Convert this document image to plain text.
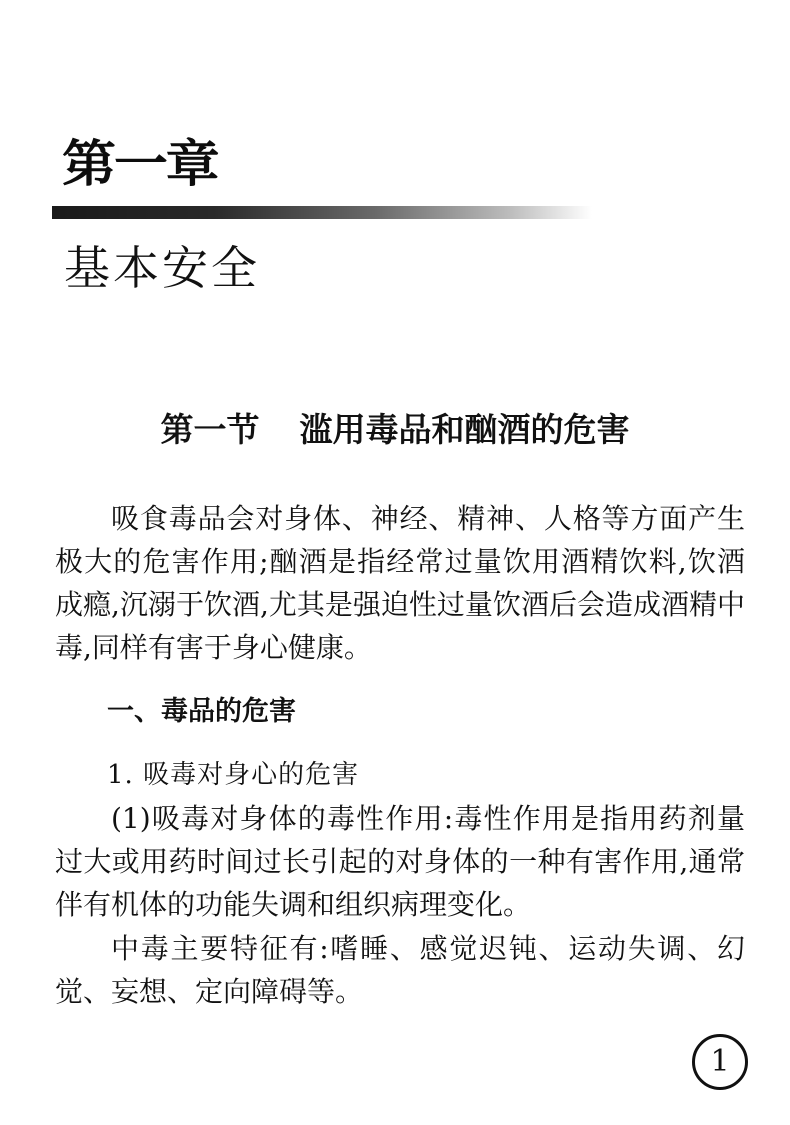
第一章
基本安全
第一节 滥用毒品和酗酒的危害

吸食毒品会对身体、神经、精神、人格等方面产生极大的危害作用;酗酒是指经常过量饮用酒精饮料,饮酒成瘾,沉溺于饮酒,尤其是强迫性过量饮酒后会造成酒精中毒,同样有害于身心健康。

一、毒品的危害
1. 吸毒对身心的危害

(1)吸毒对身体的毒性作用:毒性作用是指用药剂量过大或用药时间过长引起的对身体的一种有害作用,通常伴有机体的功能失调和组织病理变化。

中毒主要特征有:嗜睡、感觉迟钝、运动失调、幻觉、妄想、定向障碍等。

1
